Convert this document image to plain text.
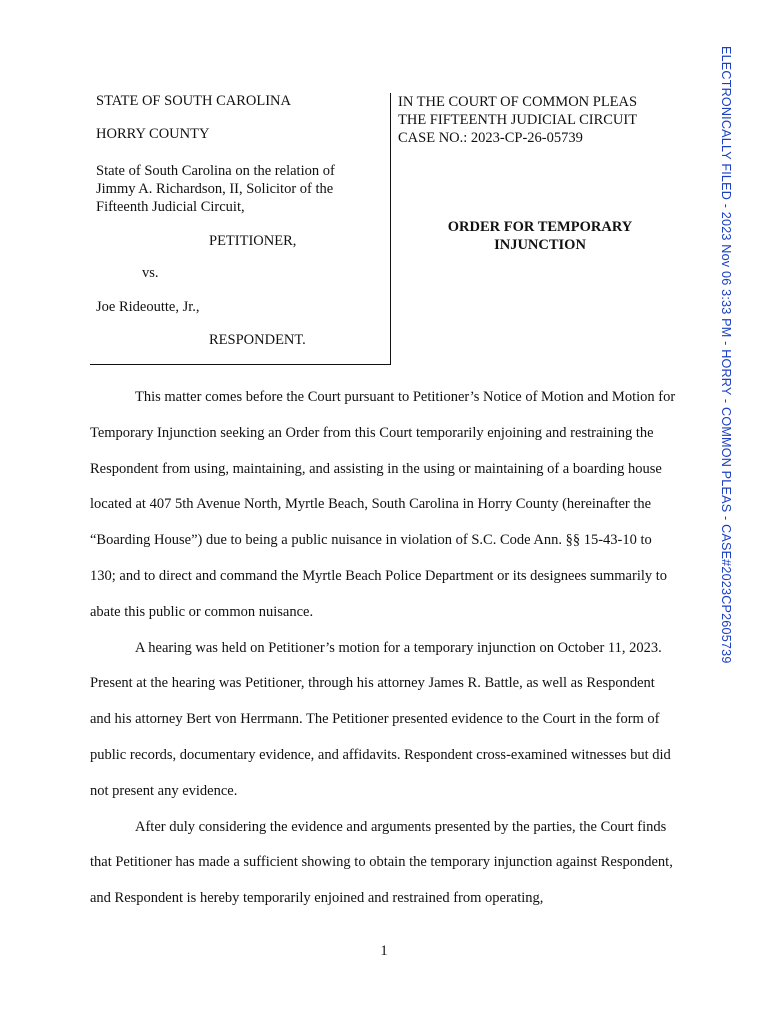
STATE OF SOUTH CAROLINA
HORRY COUNTY
State of South Carolina on the relation of Jimmy A. Richardson, II, Solicitor of the Fifteenth Judicial Circuit,
PETITIONER,
vs.
Joe Rideoutte, Jr.,
RESPONDENT.
IN THE COURT OF COMMON PLEAS
THE FIFTEENTH JUDICIAL CIRCUIT
CASE NO.: 2023-CP-26-05739
ORDER FOR TEMPORARY
INJUNCTION

This matter comes before the Court pursuant to Petitioner’s Notice of Motion and Motion for Temporary Injunction seeking an Order from this Court temporarily enjoining and restraining the Respondent from using, maintaining, and assisting in the using or maintaining of a boarding house located at 407 5th Avenue North, Myrtle Beach, South Carolina in Horry County (hereinafter the “Boarding House”) due to being a public nuisance in violation of S.C. Code Ann. §§ 15-43-10 to 130; and to direct and command the Myrtle Beach Police Department or its designees summarily to abate this public or common nuisance.

A hearing was held on Petitioner’s motion for a temporary injunction on October 11, 2023. Present at the hearing was Petitioner, through his attorney James R. Battle, as well as Respondent and his attorney Bert von Herrmann. The Petitioner presented evidence to the Court in the form of public records, documentary evidence, and affidavits. Respondent cross-examined witnesses but did not present any evidence.

After duly considering the evidence and arguments presented by the parties, the Court finds that Petitioner has made a sufficient showing to obtain the temporary injunction against Respondent, and Respondent is hereby temporarily enjoined and restrained from operating,

1
ELECTRONICALLY FILED - 2023 Nov 06 3:33 PM - HORRY - COMMON PLEAS - CASE#2023CP2605739
